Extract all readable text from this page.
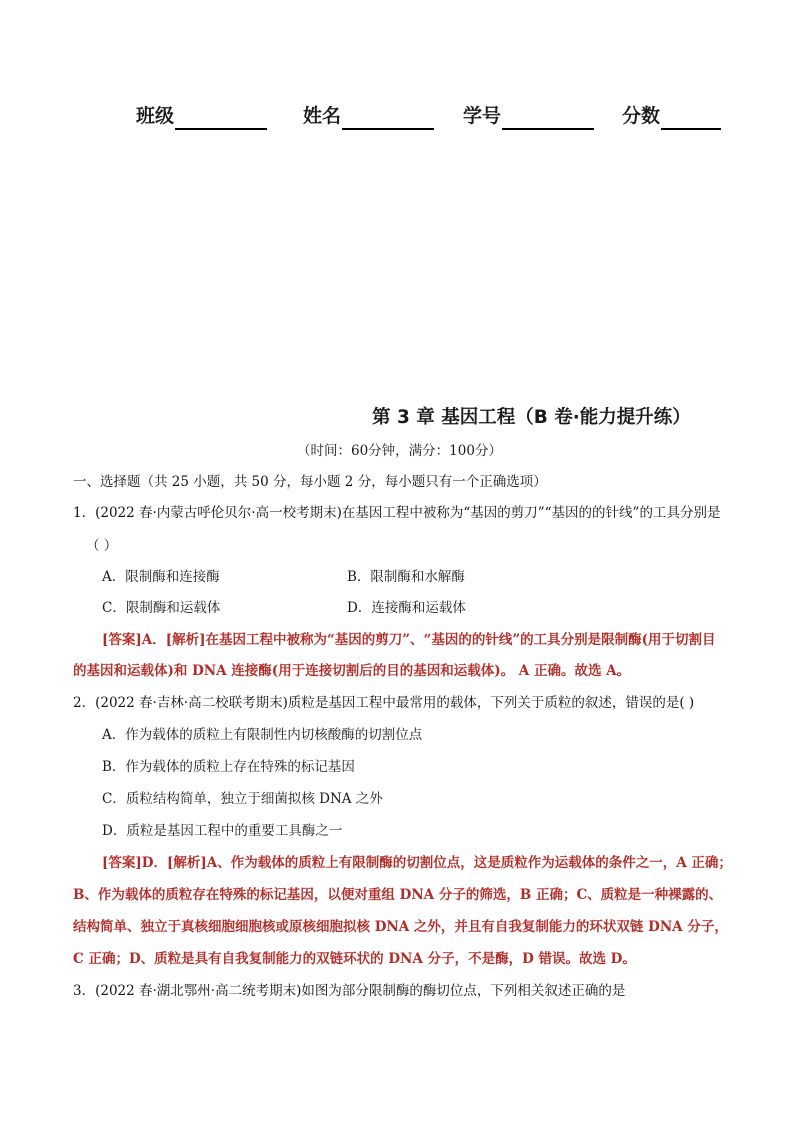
班级	姓名	学号	分数
第 3 章 基因工程（B 卷·能力提升练）
（时间：60分钟，满分：100分）
一、选择题（共 25 小题，共 50 分，每小题 2 分，每小题只有一个正确选项）
1．(2022 春·内蒙古呼伦贝尔·高一校考期末)在基因工程中被称为“基因的剪刀”“基因的的针线”的工具分别是
（ ）
A．限制酶和连接酶	B．限制酶和水解酶
C．限制酶和运载体	D．连接酶和运载体
[答案]A．[解析]在基因工程中被称为“基因的剪刀”、“基因的的针线”的工具分别是限制酶(用于切割目
的基因和运载体)和 DNA 连接酶(用于连接切割后的目的基因和运载体)。 A 正确。故选 A。
2．(2022 春·吉林·高二校联考期末)质粒是基因工程中最常用的载体，下列关于质粒的叙述，错误的是( )
A．作为载体的质粒上有限制性内切核酸酶的切割位点
B．作为载体的质粒上存在特殊的标记基因
C．质粒结构简单，独立于细菌拟核 DNA 之外
D．质粒是基因工程中的重要工具酶之一
[答案]D．[解析]A、作为载体的质粒上有限制酶的切割位点，这是质粒作为运载体的条件之一，A 正确；
B、作为载体的质粒存在特殊的标记基因，以便对重组 DNA 分子的筛选，B 正确；C、质粒是一种裸露的、
结构简单、独立于真核细胞细胞核或原核细胞拟核 DNA 之外，并且有自我复制能力的环状双链 DNA 分子，
C 正确；D、质粒是具有自我复制能力的双链环状的 DNA 分子，不是酶，D 错误。故选 D。
3．(2022 春·湖北鄂州·高二统考期末)如图为部分限制酶的酶切位点，下列相关叙述正确的是
